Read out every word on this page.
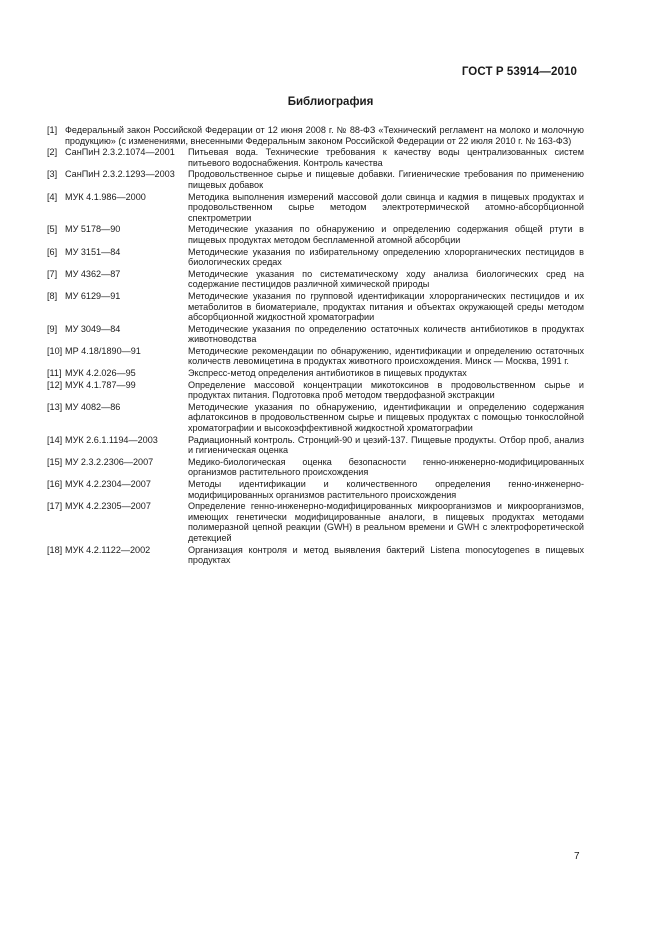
ГОСТ Р 53914—2010
Библиография
[1] Федеральный закон Российской Федерации от 12 июня 2008 г. № 88-ФЗ «Технический регламент на молоко и молочную продукцию» (с изменениями, внесенными Федеральным законом Российской Федерации от 22 июля 2010 г. № 163-ФЗ)
[2] СанПиН 2.3.2.1074—2001	Питьевая вода. Технические требования к качеству воды централизованных систем питьевого водоснабжения. Контроль качества
[3] СанПиН 2.3.2.1293—2003	Продовольственное сырье и пищевые добавки. Гигиенические требования по применению пищевых добавок
[4] МУК 4.1.986—2000	Методика выполнения измерений массовой доли свинца и кадмия в пищевых продуктах и продовольственном сырье методом электротермической атомно-абсорбционной спектрометрии
[5] МУ 5178—90	Методические указания по обнаружению и определению содержания общей ртути в пищевых продуктах методом беспламенной атомной абсорбции
[6] МУ 3151—84	Методические указания по избирательному определению хлорорганических пестицидов в биологических средах
[7] МУ 4362—87	Методические указания по систематическому ходу анализа биологических сред на содержание пестицидов различной химической природы
[8] МУ 6129—91	Методические указания по групповой идентификации хлорорганических пестицидов и их метаболитов в биоматериале, продуктах питания и объектах окружающей среды методом абсорбционной жидкостной хроматографии
[9] МУ 3049—84	Методические указания по определению остаточных количеств антибиотиков в продуктах животноводства
[10] МР 4.18/1890—91	Методические рекомендации по обнаружению, идентификации и определению остаточных количеств левомицетина в продуктах животного происхождения. Минск — Москва, 1991 г.
[11] МУК 4.2.026—95	Экспресс-метод определения антибиотиков в пищевых продуктах
[12] МУК 4.1.787—99	Определение массовой концентрации микотоксинов в продовольственном сырье и продуктах питания. Подготовка проб методом твердофазной экстракции
[13] МУ 4082—86	Методические указания по обнаружению, идентификации и определению содержания афлатоксинов в продовольственном сырье и пищевых продуктах с помощью тонкослойной хроматографии и высокоэффективной жидкостной хроматографии
[14] МУК 2.6.1.1194—2003	Радиационный контроль. Стронций-90 и цезий-137. Пищевые продукты. Отбор проб, анализ и гигиеническая оценка
[15] МУ 2.3.2.2306—2007	Медико-биологическая оценка безопасности генно-инженерно-модифицированных организмов растительного происхождения
[16] МУК 4.2.2304—2007	Методы идентификации и количественного определения генно-инженерно-модифицированных организмов растительного происхождения
[17] МУК 4.2.2305—2007	Определение генно-инженерно-модифицированных микроорганизмов и микроорганизмов, имеющих генетически модифицированные аналоги, в пищевых продуктах методами полимеразной цепной реакции (GWH) в реальном времени и GWH с электрофоретической детекцией
[18] МУК 4.2.1122—2002	Организация контроля и метод выявления бактерий Listena monocytogenes в пищевых продуктах
7
